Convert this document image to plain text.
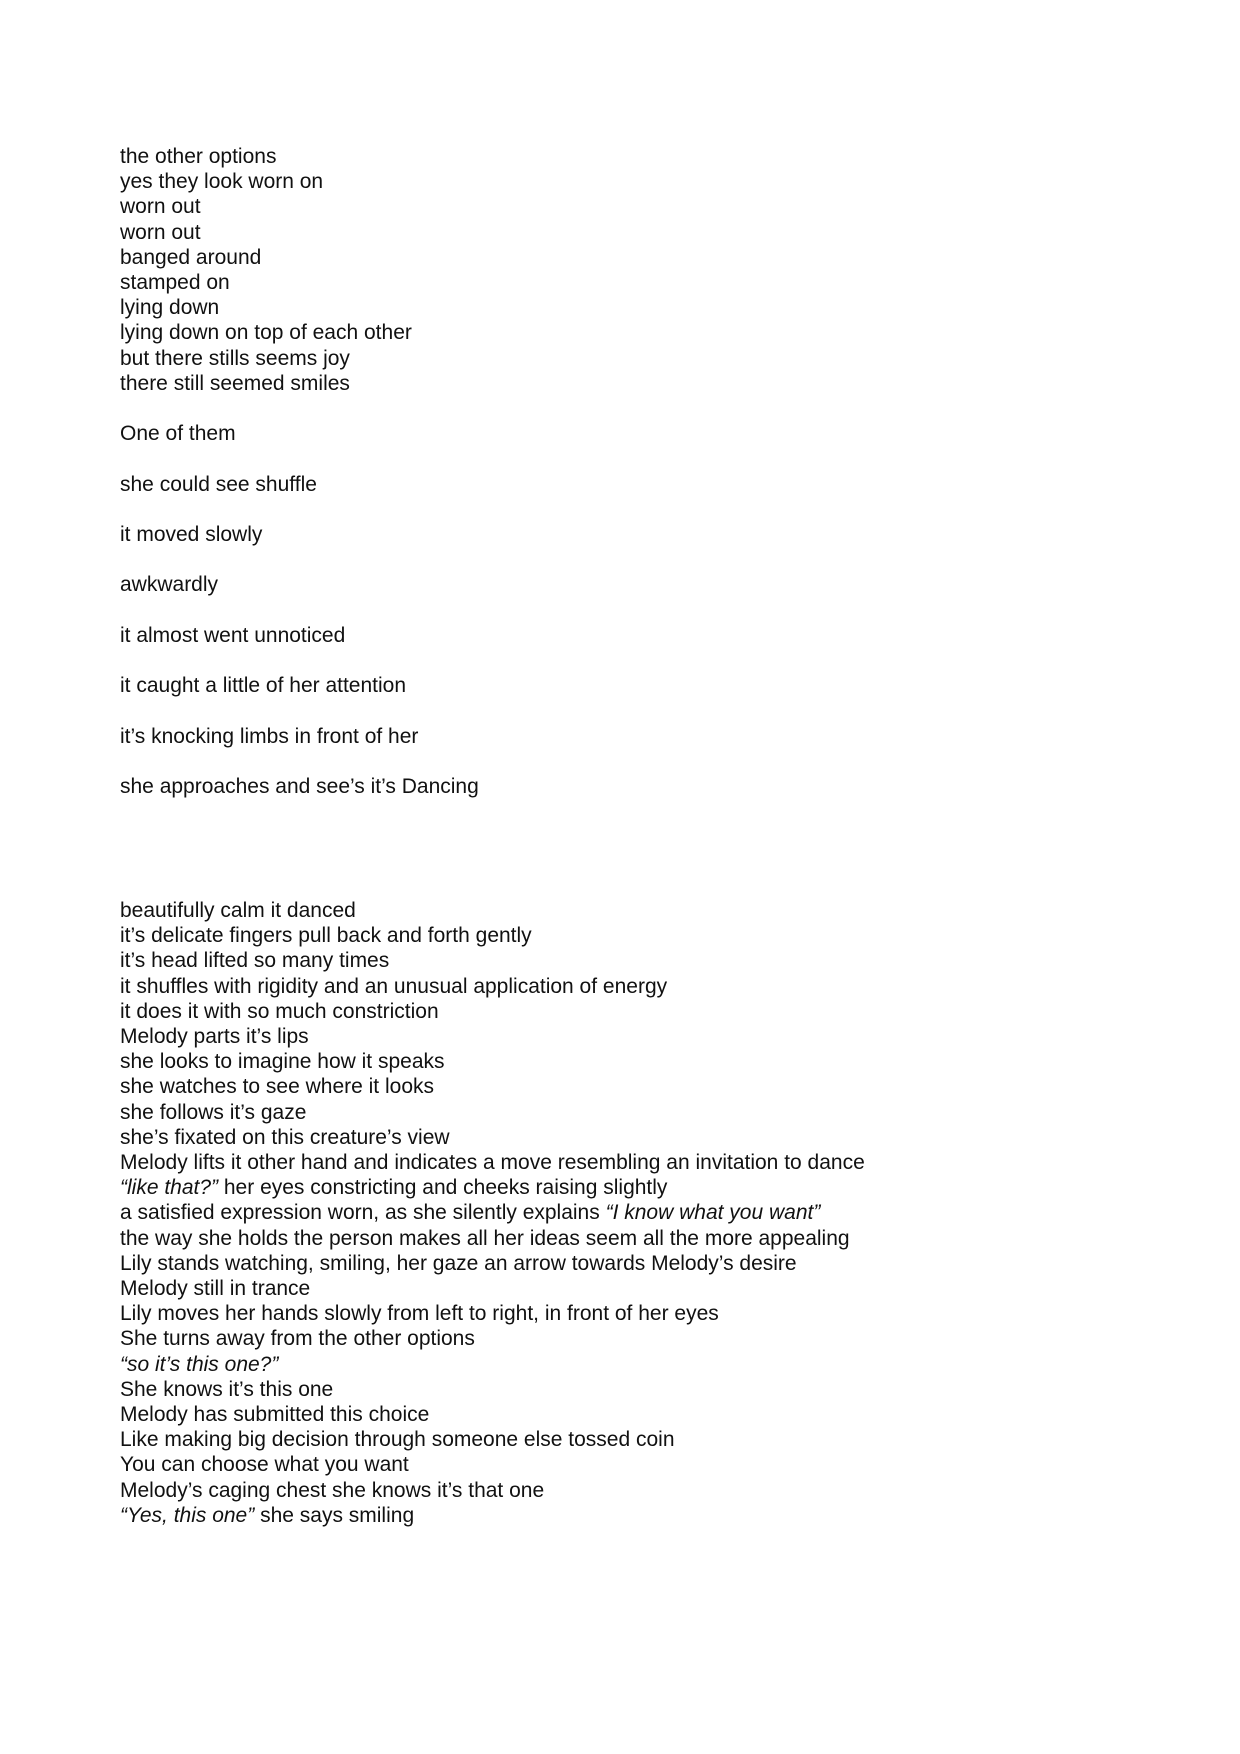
the other options
yes they look worn on
worn out
worn out
banged around
stamped on
lying down
lying down on top of each other
but there stills seems joy
there still seemed smiles
One of them
she could see shuffle
it moved slowly
awkwardly
it almost went unnoticed
it caught a little of her attention
it’s knocking limbs in front of her
she approaches and see’s it’s Dancing
beautifully calm it danced
it’s delicate fingers pull back and forth gently
it’s head lifted so many times
it shuffles with rigidity and an unusual application of energy
it does it with so much constriction
Melody parts it’s lips
she looks to imagine how it speaks
she watches to see where it looks
she follows it’s gaze
she’s fixated on this creature’s view
Melody lifts it other hand and indicates a move resembling an invitation to dance
“like that?” her eyes constricting and cheeks raising slightly
a satisfied expression worn, as she silently explains “I know what you want”
the way she holds the person makes all her ideas seem all the more appealing
Lily stands watching, smiling, her gaze an arrow towards Melody’s desire
Melody still in trance
Lily moves her hands slowly from left to right, in front of her eyes
She turns away from the other options
“so it’s this one?”
She knows it’s this one
Melody has submitted this choice
Like making big decision through someone else tossed coin
You can choose what you want
Melody’s caging chest she knows it’s that one
“Yes, this one” she says smiling
